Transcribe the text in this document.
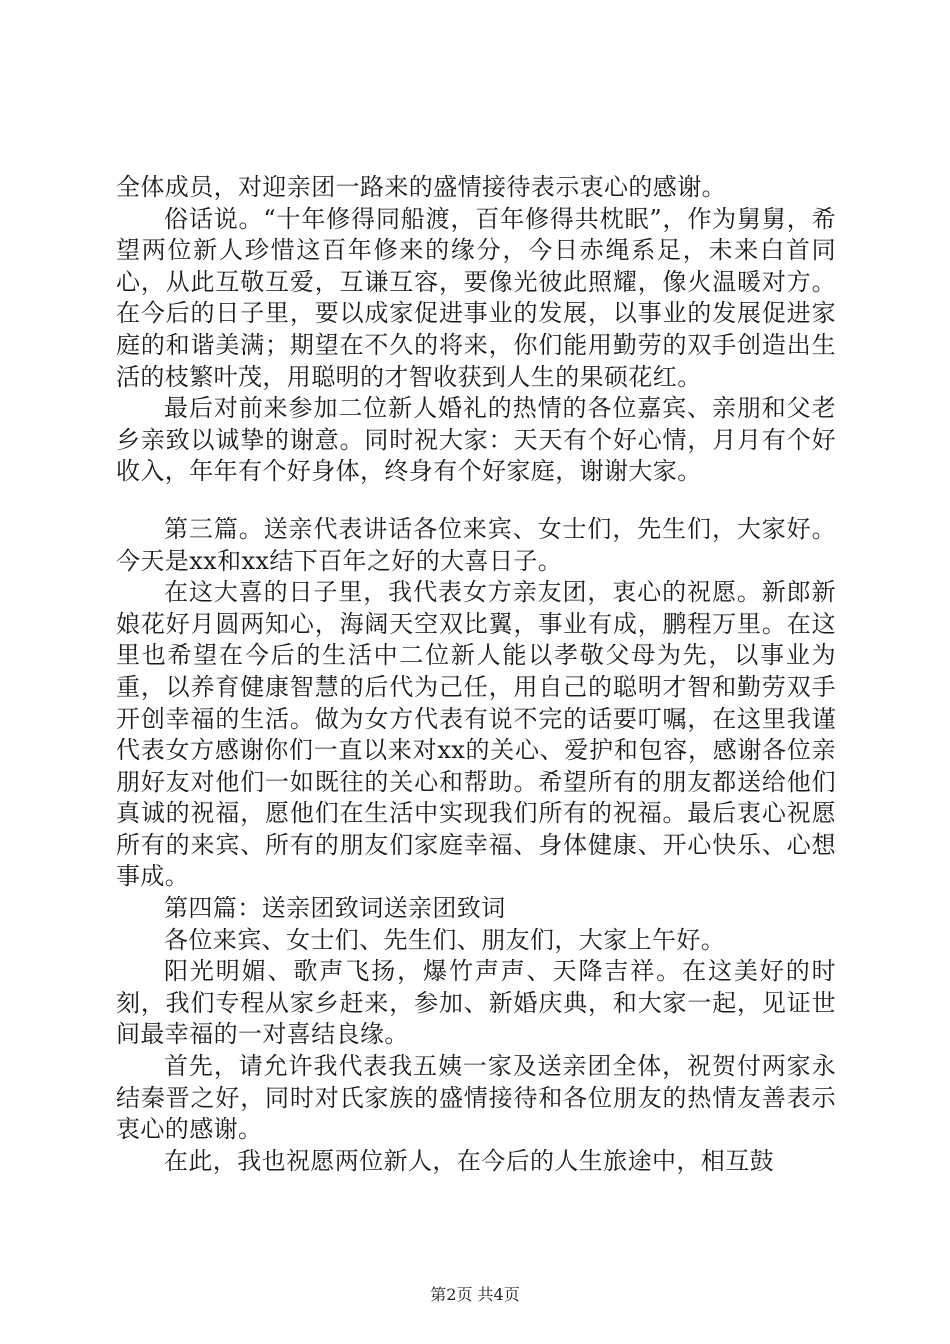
全体成员，对迎亲团一路来的盛情接待表示衷心的感谢。

俗话说。“十年修得同船渡，百年修得共枕眠”，作为舅舅，希望两位新人珍惜这百年修来的缘分，今日赤绳系足，未来白首同心，从此互敬互爱，互谦互容，要像光彼此照耀，像火温暖对方。在今后的日子里，要以成家促进事业的发展，以事业的发展促进家庭的和谐美满；期望在不久的将来，你们能用勤劳的双手创造出生活的枝繁叶茂，用聪明的才智收获到人生的果硕花红。

最后对前来参加二位新人婚礼的热情的各位嘉宾、亲朋和父老乡亲致以诚挚的谢意。同时祝大家：天天有个好心情，月月有个好收入，年年有个好身体，终身有个好家庭，谢谢大家。

第三篇。送亲代表讲话各位来宾、女士们，先生们，大家好。今天是xx和xx结下百年之好的大喜日子。

在这大喜的日子里，我代表女方亲友团，衷心的祝愿。新郎新娘花好月圆两知心，海阔天空双比翼，事业有成，鹏程万里。在这里也希望在今后的生活中二位新人能以孝敬父母为先，以事业为重，以养育健康智慧的后代为己任，用自己的聪明才智和勤劳双手开创幸福的生活。做为女方代表有说不完的话要叮嘱，在这里我谨代表女方感谢你们一直以来对xx的关心、爱护和包容，感谢各位亲朋好友对他们一如既往的关心和帮助。希望所有的朋友都送给他们真诚的祝福，愿他们在生活中实现我们所有的祝福。最后衷心祝愿所有的来宾、所有的朋友们家庭幸福、身体健康、开心快乐、心想事成。

第四篇：送亲团致词送亲团致词

各位来宾、女士们、先生们、朋友们，大家上午好。

阳光明媚、歌声飞扬，爆竹声声、天降吉祥。在这美好的时刻，我们专程从家乡赶来，参加、新婚庆典，和大家一起，见证世间最幸福的一对喜结良缘。

首先，请允许我代表我五姨一家及送亲团全体，祝贺付两家永结秦晋之好，同时对氏家族的盛情接待和各位朋友的热情友善表示衷心的感谢。

在此，我也祝愿两位新人，在今后的人生旅途中，相互鼓

第2页 共4页
